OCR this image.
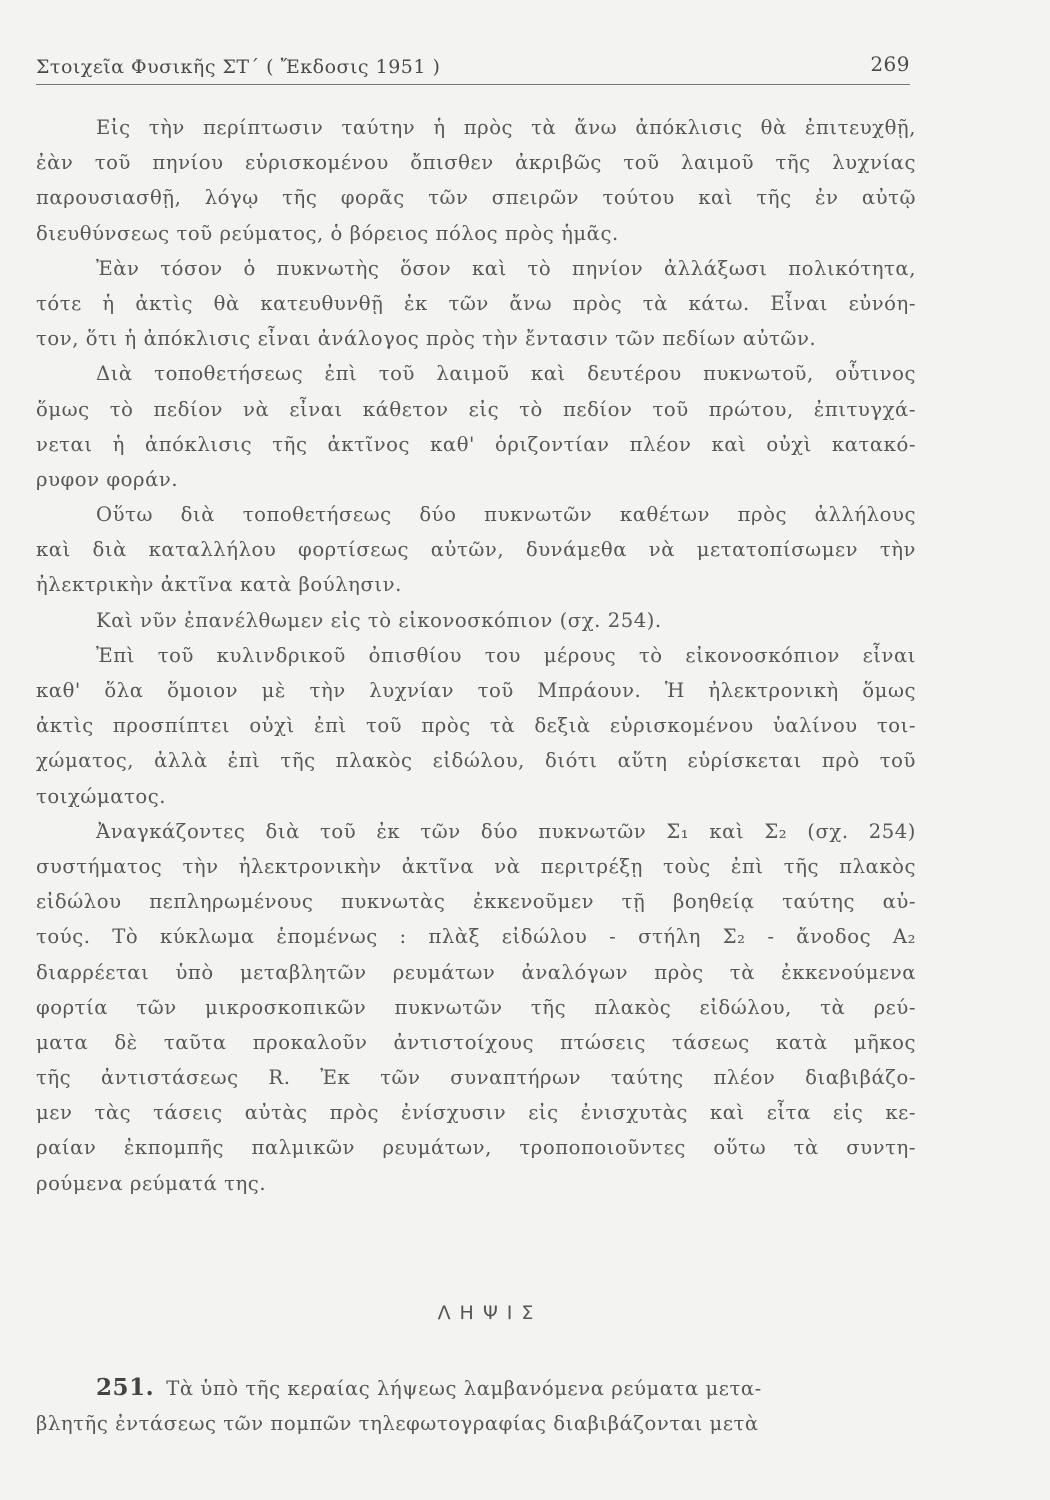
Στοιχεῖα Φυσικῆς ΣΤ΄ ( Ἔκδοσις 1951 )	269
Εἰς τὴν περίπτωσιν ταύτην ἡ πρὸς τὰ ἄνω ἀπόκλισις θὰ ἐπιτευχθῇ,
ἐὰν τοῦ πηνίου εὑρισκομένου ὄπισθεν ἀκριβῶς τοῦ λαιμοῦ τῆς λυχνίας
παρουσιασθῇ, λόγῳ τῆς φορᾶς τῶν σπειρῶν τούτου καὶ τῆς ἐν αὐτῷ
διευθύνσεως τοῦ ρεύματος, ὁ βόρειος πόλος πρὸς ἡμᾶς.
Ἐὰν τόσον ὁ πυκνωτὴς ὅσον καὶ τὸ πηνίον ἀλλάξωσι πολικότητα,
τότε ἡ ἀκτὶς θὰ κατευθυνθῇ ἐκ τῶν ἄνω πρὸς τὰ κάτω. Εἶναι εὐνόη-
τον, ὅτι ἡ ἀπόκλισις εἶναι ἀνάλογος πρὸς τὴν ἔντασιν τῶν πεδίων αὐτῶν.
Διὰ τοποθετήσεως ἐπὶ τοῦ λαιμοῦ καὶ δευτέρου πυκνωτοῦ, οὗτινος
ὅμως τὸ πεδίον νὰ εἶναι κάθετον εἰς τὸ πεδίον τοῦ πρώτου, ἐπιτυγχά-
νεται ἡ ἀπόκλισις τῆς ἀκτῖνος καθ' ὁριζοντίαν πλέον καὶ οὐχὶ κατακό-
ρυφον φοράν.
Οὕτω διὰ τοποθετήσεως δύο πυκνωτῶν καθέτων πρὸς ἀλλήλους
καὶ διὰ καταλλήλου φορτίσεως αὐτῶν, δυνάμεθα νὰ μετατοπίσωμεν τὴν
ἠλεκτρικὴν ἀκτῖνα κατὰ βούλησιν.
Καὶ νῦν ἐπανέλθωμεν εἰς τὸ εἰκονοσκόπιον (σχ. 254).
Ἐπὶ τοῦ κυλινδρικοῦ ὀπισθίου του μέρους τὸ εἰκονοσκόπιον εἶναι
καθ' ὅλα ὅμοιον μὲ τὴν λυχνίαν τοῦ Μπράουν. Ἡ ἠλεκτρονικὴ ὅμως
ἀκτὶς προσπίπτει οὐχὶ ἐπὶ τοῦ πρὸς τὰ δεξιὰ εὑρισκομένου ὑαλίνου τοι-
χώματος, ἀλλὰ ἐπὶ τῆς πλακὸς εἰδώλου, διότι αὕτη εὑρίσκεται πρὸ τοῦ
τοιχώματος.
Ἀναγκάζοντες διὰ τοῦ ἐκ τῶν δύο πυκνωτῶν Σ₁ καὶ Σ₂ (σχ. 254)
συστήματος τὴν ἠλεκτρονικὴν ἀκτῖνα νὰ περιτρέξῃ τοὺς ἐπὶ τῆς πλακὸς
εἰδώλου πεπληρωμένους πυκνωτὰς ἐκκενοῦμεν τῇ βοηθείᾳ ταύτης αὐ-
τούς. Τὸ κύκλωμα ἑπομένως : πλὰξ εἰδώλου - στήλη Σ₂ - ἄνοδος Α₂
διαρρέεται ὑπὸ μεταβλητῶν ρευμάτων ἀναλόγων πρὸς τὰ ἐκκενούμενα
φορτία τῶν μικροσκοπικῶν πυκνωτῶν τῆς πλακὸς εἰδώλου, τὰ ρεύ-
ματα δὲ ταῦτα προκαλοῦν ἀντιστοίχους πτώσεις τάσεως κατὰ μῆκος
τῆς ἀντιστάσεως R. Ἐκ τῶν συναπτήρων ταύτης πλέον διαβιβάζο-
μεν τὰς τάσεις αὐτὰς πρὸς ἐνίσχυσιν εἰς ἐνισχυτὰς καὶ εἶτα εἰς κε-
ραίαν ἐκπομπῆς παλμικῶν ρευμάτων, τροποποιοῦντες οὕτω τὰ συντη-
ρούμενα ρεύματά της.
ΛΗΨΙΣ
251. Τὰ ὑπὸ τῆς κεραίας λήψεως λαμβανόμενα ρεύματα μετα-
βλητῆς ἐντάσεως τῶν πομπῶν τηλεφωτογραφίας διαβιβάζονται μετὰ
